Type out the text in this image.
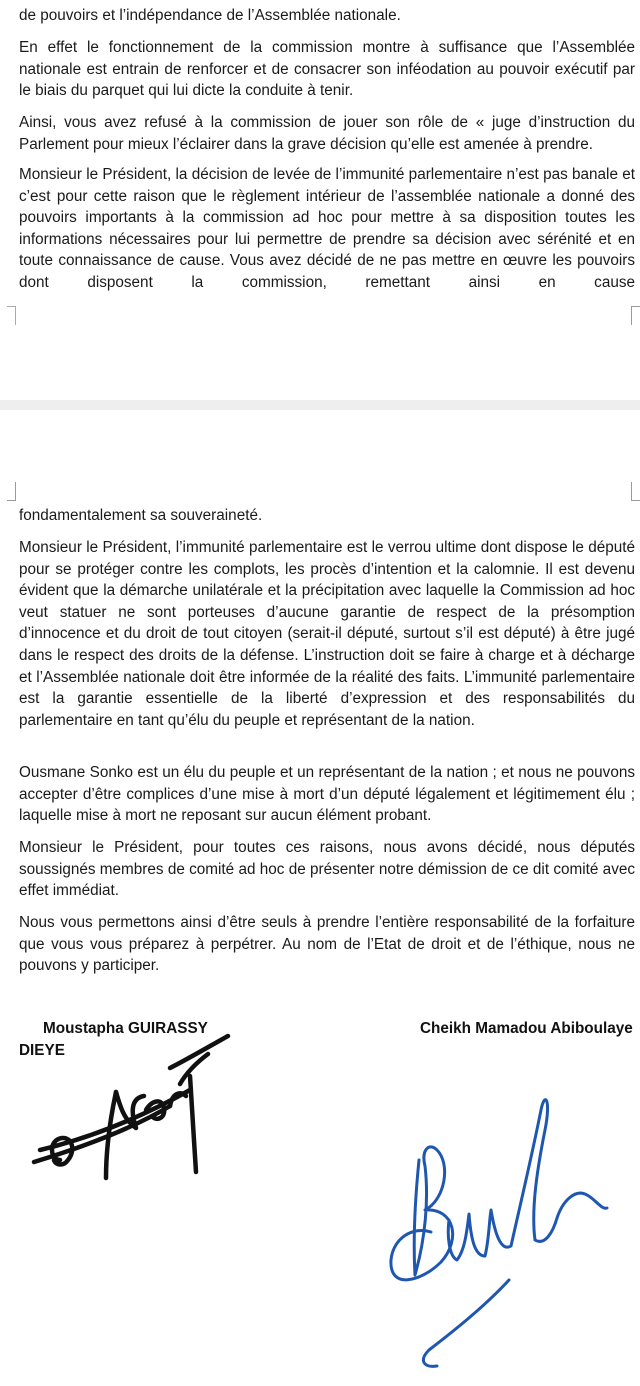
de pouvoirs et l’indépendance de l’Assemblée nationale.

En effet le fonctionnement de la commission montre à suffisance que l’Assemblée nationale est entrain de renforcer et de consacrer son inféodation au pouvoir exécutif par le biais du parquet qui lui dicte la conduite à tenir.

Ainsi, vous avez refusé à la commission de jouer son rôle de « juge d’instruction du Parlement pour mieux l’éclairer dans la grave décision qu’elle est amenée à prendre.

Monsieur le Président, la décision de levée de l’immunité parlementaire n’est pas banale et c’est pour cette raison que le règlement intérieur de l’assemblée nationale a donné des pouvoirs importants à la commission ad hoc pour mettre à sa disposition toutes les informations nécessaires pour lui permettre de prendre sa décision avec sérénité et en toute connaissance de cause. Vous avez décidé de ne pas mettre en œuvre les pouvoirs dont disposent la commission, remettant ainsi en cause

fondamentalement sa souveraineté.

Monsieur le Président, l’immunité parlementaire est le verrou ultime dont dispose le député pour se protéger contre les complots, les procès d’intention et la calomnie. Il est devenu évident que la démarche unilatérale et la précipitation avec laquelle la Commission ad hoc veut statuer ne sont porteuses d’aucune garantie de respect de la présomption d’innocence et du droit de tout citoyen (serait-il député, surtout s’il est député) à être jugé dans le respect des droits de la défense. L’instruction doit se faire à charge et à décharge et l’Assemblée nationale doit être informée de la réalité des faits. L’immunité parlementaire est la garantie essentielle de la liberté d’expression et des responsabilités du parlementaire en tant qu’élu du peuple et représentant de la nation.

Ousmane Sonko est un élu du peuple et un représentant de la nation ; et nous ne pouvons accepter d’être complices d’une mise à mort d’un député légalement et légitimement élu ; laquelle mise à mort ne reposant sur aucun élément probant.

Monsieur le Président, pour toutes ces raisons, nous avons décidé, nous députés soussignés membres de comité ad hoc de présenter notre démission de ce dit comité avec effet immédiat.

Nous vous permettons ainsi d’être seuls à prendre l’entière responsabilité de la forfaiture que vous vous préparez à perpétrer. Au nom de l’Etat de droit et de l’éthique, nous ne pouvons y participer.

Moustapha GUIRASSY

DIEYE

Cheikh Mamadou Abiboulaye
